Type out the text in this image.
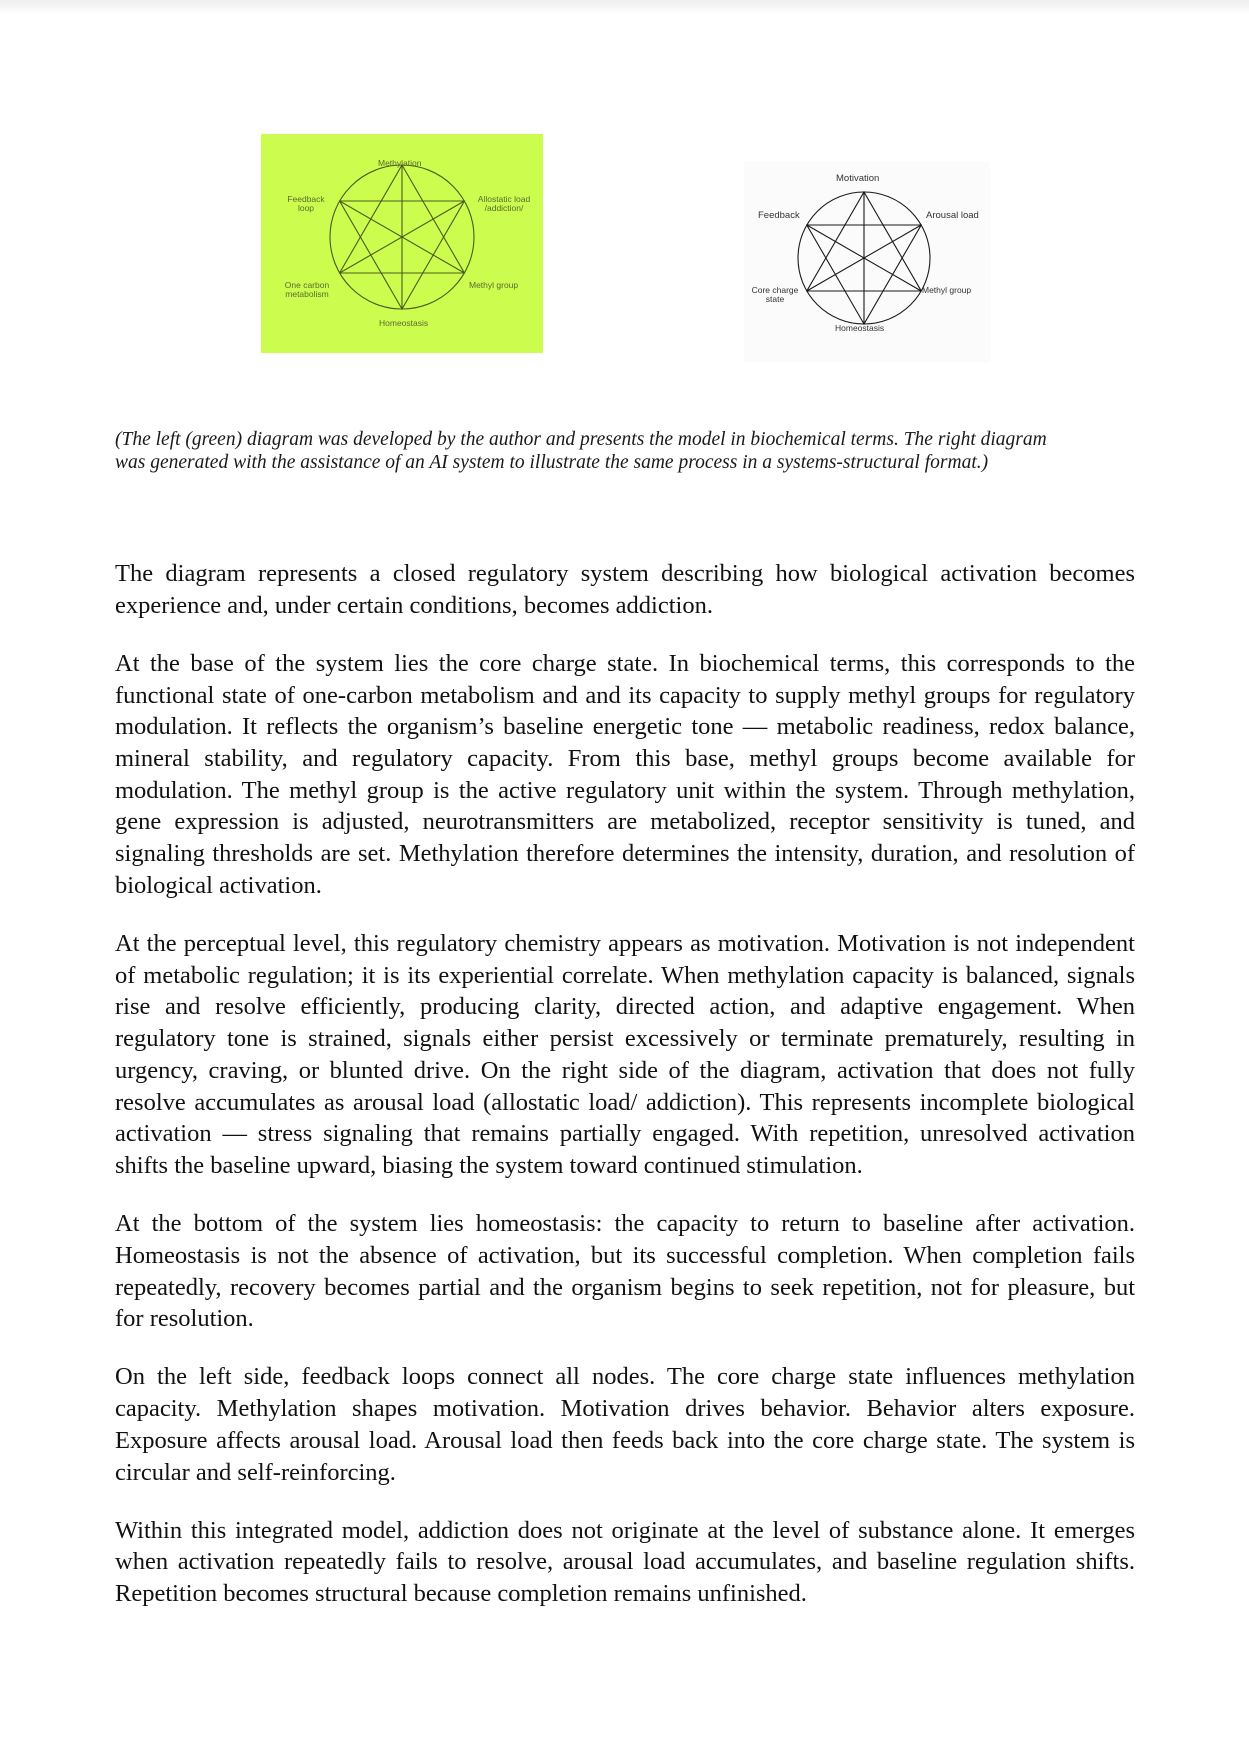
Methylation
Feedback loop
Allostatic load /addiction/
One carbon metabolism
Methyl group
Homeostasis
Motivation
Feedback	Arousal load
Core charge state
Methyl group
Homeostasis
(The left (green) diagram was developed by the author and presents the model in biochemical terms. The right diagram
was generated with the assistance of an AI system to illustrate the same process in a systems-structural format.)

The diagram represents a closed regulatory system describing how biological activation becomes experience and, under certain conditions, becomes addiction.

At the base of the system lies the core charge state. In biochemical terms, this corresponds to the functional state of one-carbon metabolism and and its capacity to supply methyl groups for regulatory modulation. It reflects the organism’s baseline energetic tone — metabolic readiness, redox balance, mineral stability, and regulatory capacity. From this base, methyl groups become available for modulation. The methyl group is the active regulatory unit within the system. Through methylation, gene expression is adjusted, neurotransmitters are metabolized, receptor sensitivity is tuned, and signaling thresholds are set. Methylation therefore determines the intensity, duration, and resolution of biological activation.

At the perceptual level, this regulatory chemistry appears as motivation. Motivation is not independent of metabolic regulation; it is its experiential correlate. When methylation capacity is balanced, signals rise and resolve efficiently, producing clarity, directed action, and adaptive engagement. When regulatory tone is strained, signals either persist excessively or terminate prematurely, resulting in urgency, craving, or blunted drive. On the right side of the diagram, activation that does not fully resolve accumulates as arousal load (allostatic load/ addiction). This represents incomplete biological activation — stress signaling that remains partially engaged. With repetition, unresolved activation shifts the baseline upward, biasing the system toward continued stimulation.

At the bottom of the system lies homeostasis: the capacity to return to baseline after activation. Homeostasis is not the absence of activation, but its successful completion. When completion fails repeatedly, recovery becomes partial and the organism begins to seek repetition, not for pleasure, but for resolution.

On the left side, feedback loops connect all nodes. The core charge state influences methylation capacity. Methylation shapes motivation. Motivation drives behavior. Behavior alters exposure. Exposure affects arousal load. Arousal load then feeds back into the core charge state. The system is circular and self-reinforcing.

Within this integrated model, addiction does not originate at the level of substance alone. It emerges when activation repeatedly fails to resolve, arousal load accumulates, and baseline regulation shifts. Repetition becomes structural because completion remains unfinished.
